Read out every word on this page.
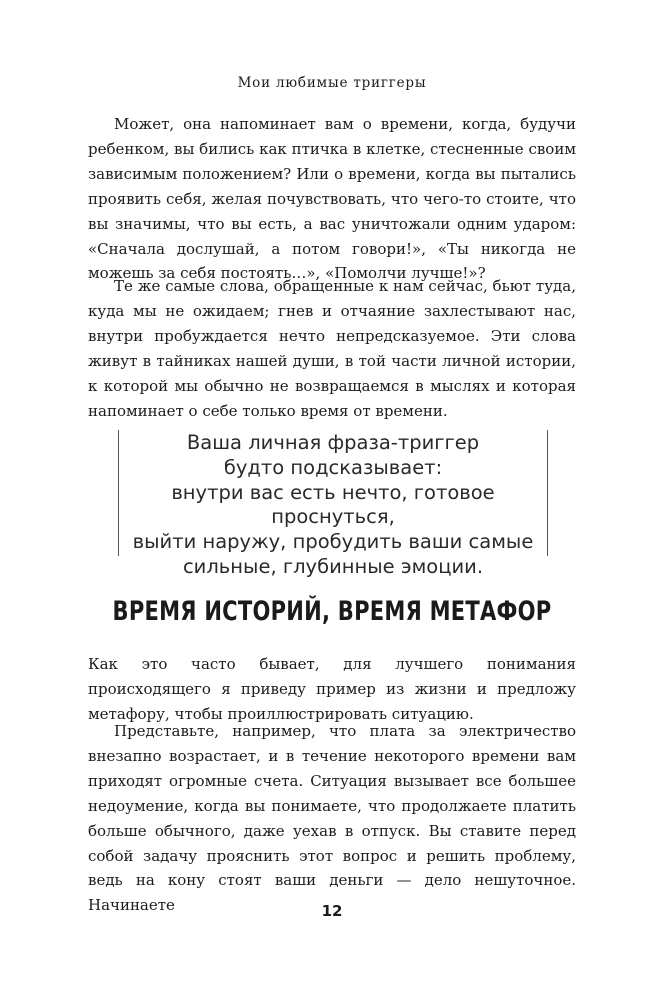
Мои любимые триггеры

Может, она напоминает вам о времени, когда, будучи ребенком, вы бились как птичка в клетке, стесненные своим зависимым положением? Или о времени, когда вы пытались проявить себя, желая почувствовать, что чего-то стоите, что вы значимы, что вы есть, а вас уничтожали одним ударом: «Сначала дослушай, а потом говори!», «Ты никогда не можешь за себя постоять…», «Помолчи лучше!»?

Те же самые слова, обращенные к нам сейчас, бьют туда, куда мы не ожидаем; гнев и отчаяние захлестывают нас, внутри пробуждается нечто непредсказуемое. Эти слова живут в тайниках нашей души, в той части личной истории, к которой мы обычно не возвращаемся в мыслях и которая напоминает о себе только время от времени.

Ваша личная фраза-триггер
будто подсказывает:
внутри вас есть нечто, готовое проснуться,
выйти наружу, пробудить ваши самые
сильные, глубинные эмоции.

ВРЕМЯ ИСТОРИЙ, ВРЕМЯ МЕТАФОР

Как это часто бывает, для лучшего понимания происходящего я приведу пример из жизни и предложу метафору, чтобы проиллюстрировать ситуацию.

Представьте, например, что плата за электричество внезапно возрастает, и в течение некоторого времени вам приходят огромные счета. Ситуация вызывает все большее недоумение, когда вы понимаете, что продолжаете платить больше обычного, даже уехав в отпуск. Вы ставите перед собой задачу прояснить этот вопрос и решить проблему, ведь на кону стоят ваши деньги — дело нешуточное. Начинаете	12
